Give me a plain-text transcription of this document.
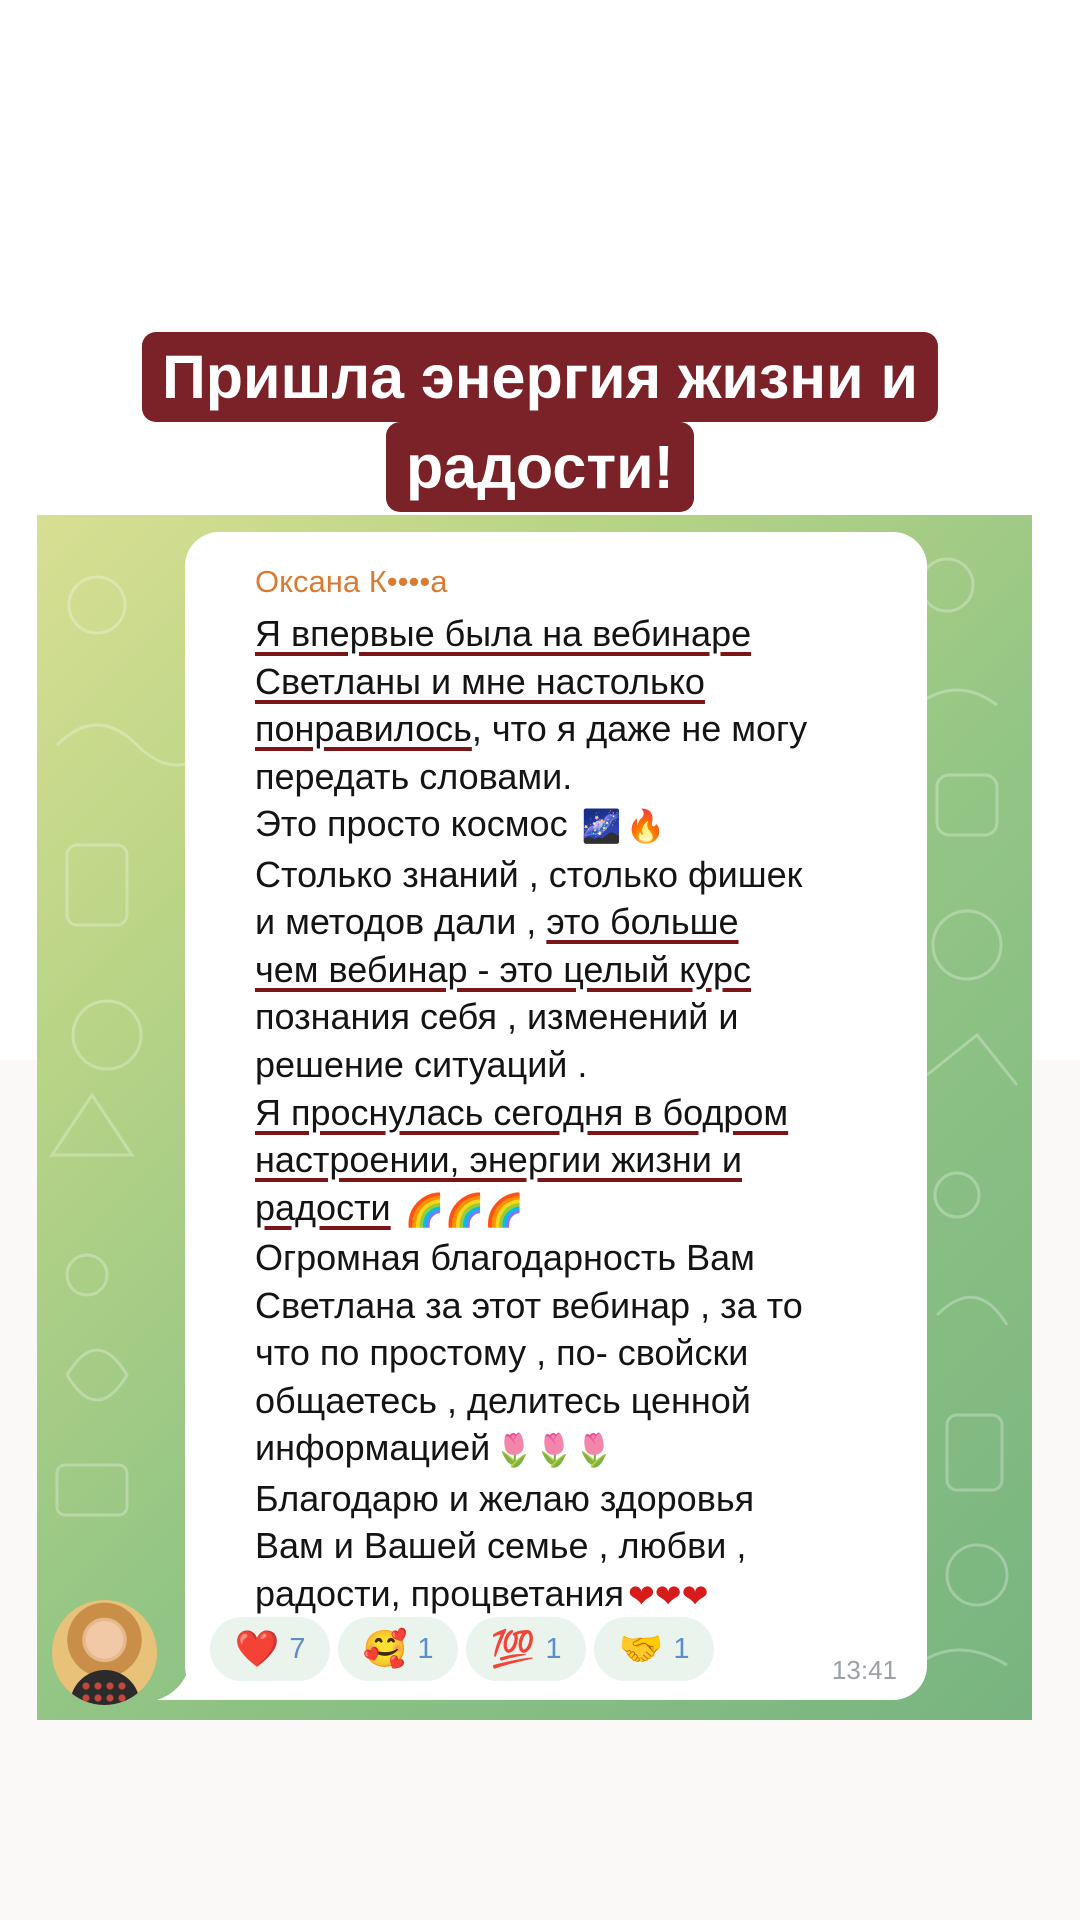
Пришла энергия жизни и
радости!
Оксана К••••а
Я впервые была на вебинаре
Светланы и мне настолько
понравилось, что я даже не могу
передать словами.
Это просто космос 🌌 🔥
Столько знаний , столько фишек
и методов дали , это больше
чем вебинар - это целый курс
познания себя , изменений и
решение ситуаций .
Я проснулась сегодня в бодром
настроении, энергии жизни и
радости 🌈🌈🌈
Огромная благодарность Вам
Светлана за этот вебинар , за то
что по простому , по- свойски
общаетесь , делитесь ценной
информацией 🌷🌷🌷
Благодарю и желаю здоровья
Вам и Вашей семье , любви ,
радости, процветания ❤❤❤
❤️ 7 🥰 1 💯 1 🤝 1
13:41
